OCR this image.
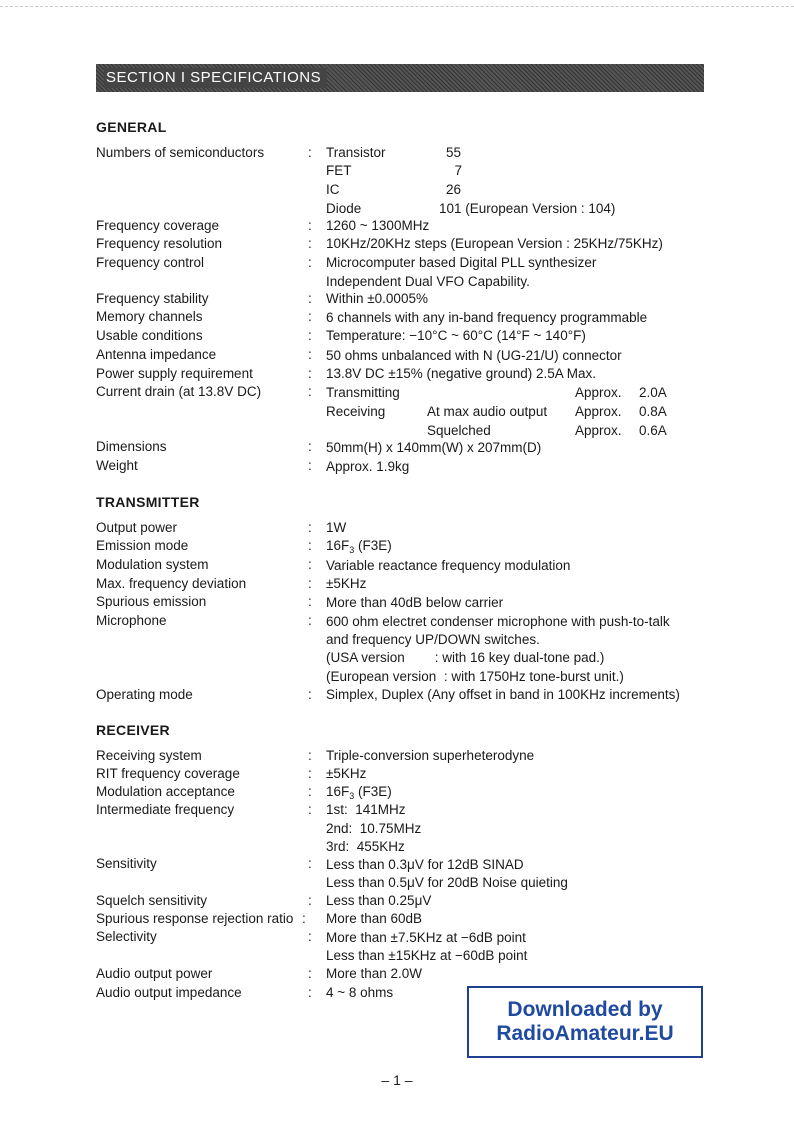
SECTION I SPECIFICATIONS
GENERAL
Numbers of semiconductors	: Transistor	55
FET	7
IC	26
Diode	101 (European Version : 104)
Frequency coverage	: 1260 ~ 1300MHz
Frequency resolution	: 10KHz/20KHz steps (European Version : 25KHz/75KHz)
Frequency control	: Microcomputer based Digital PLL synthesizer
Independent Dual VFO Capability.
Frequency stability	: Within ±0.0005%
Memory channels	: 6 channels with any in-band frequency programmable
Usable conditions	: Temperature: −10°C ~ 60°C (14°F ~ 140°F)
Antenna impedance	: 50 ohms unbalanced with N (UG-21/U) connector
Power supply requirement	: 13.8V DC ±15% (negative ground) 2.5A Max.
Current drain (at 13.8V DC)	: Transmitting	Approx. 2.0A
Receiving	At max audio output Approx. 0.8A
Squelched	Approx. 0.6A
Dimensions	: 50mm(H) x 140mm(W) x 207mm(D)
Weight	: Approx. 1.9kg
TRANSMITTER
Output power	: 1W
Emission mode	: $16F_3$ (F3E)
Modulation system	: Variable reactance frequency modulation
Max. frequency deviation	: ±5KHz
Spurious emission	: More than 40dB below carrier
Microphone	: 600 ohm electret condenser microphone with push-to-talk
and frequency UP/DOWN switches.
(USA version        : with 16 key dual-tone pad.)
(European version  : with 1750Hz tone-burst unit.)
Operating mode	: Simplex, Duplex (Any offset in band in 100KHz increments)
RECEIVER
Receiving system	: Triple-conversion superheterodyne
RIT frequency coverage	: ±5KHz
Modulation acceptance	: $16F_3$ (F3E)
Intermediate frequency	: 1st:  141MHz
2nd:  10.75MHz
3rd:  455KHz
Sensitivity	: Less than 0.3μV for 12dB SINAD
Less than 0.5μV for 20dB Noise quieting
Squelch sensitivity	: Less than 0.25μV
Spurious response rejection ratio : More than 60dB
Selectivity	: More than ±7.5KHz at −6dB point
Less than ±15KHz at −60dB point
Audio output power	: More than 2.0W
Audio output impedance	: 4 ~ 8 ohms
Downloaded by
RadioAmateur.EU
– 1 –
